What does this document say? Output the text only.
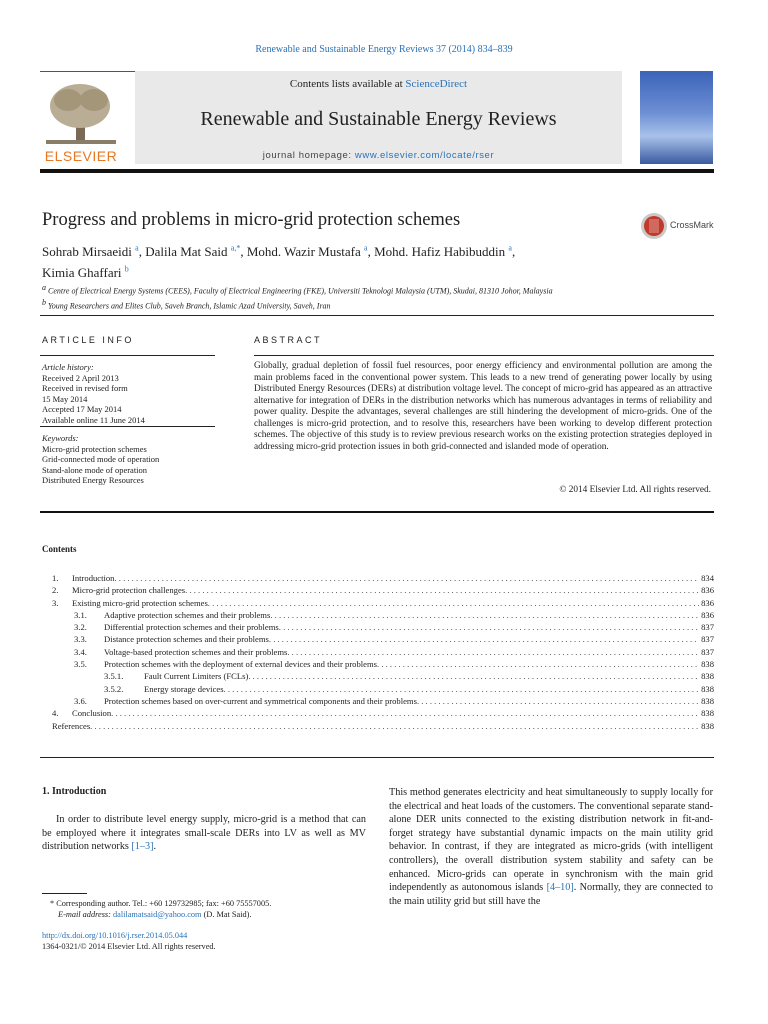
Renewable and Sustainable Energy Reviews 37 (2014) 834–839
ELSEVIER
Contents lists available at ScienceDirect
Renewable and Sustainable Energy Reviews
journal homepage: www.elsevier.com/locate/rser
Progress and problems in micro-grid protection schemes	CrossMark
Sohrab Mirsaeidi $^a$, Dalila Mat Said $^{a,*}$, Mohd. Wazir Mustafa $^a$, Mohd. Hafiz Habibuddin $^a$,
Kimia Ghaffari $^b$
$^a$ Centre of Electrical Energy Systems (CEES), Faculty of Electrical Engineering (FKE), Universiti Teknologi Malaysia (UTM), Skudai, 81310 Johor, Malaysia
$^b$ Young Researchers and Elites Club, Saveh Branch, Islamic Azad University, Saveh, Iran
ARTICLE INFO
Article history:
Received 2 April 2013
Received in revised form
15 May 2014
Accepted 17 May 2014
Available online 11 June 2014
Keywords:
Micro-grid protection schemes
Grid-connected mode of operation
Stand-alone mode of operation
Distributed Energy Resources
ABSTRACT
Globally, gradual depletion of fossil fuel resources, poor energy efficiency and environmental pollution are among the main problems faced in the conventional power system. This leads to a new trend of generating power locally by using Distributed Energy Resources (DERs) at distribution voltage level. The concept of micro-grid has appeared as an attractive alternative for integration of DERs in the distribution networks which has numerous advantages in terms of reliability and power quality. Despite the advantages, several challenges are still hindering the development of micro-grids. One of the challenges is micro-grid protection, and to resolve this, researchers have been working to develop different protection schemes. The objective of this study is to review previous research works on the existing protection strategies deployed in addressing micro-grid protection issues in both grid-connected and islanded mode of operation.
© 2014 Elsevier Ltd. All rights reserved.
Contents
1.	Introduction . . .	834
2.	Micro-grid protection challenges . . .	836
3.	Existing micro-grid protection schemes . . .	836
3.1.	Adaptive protection schemes and their problems . . .	836
3.2.	Differential protection schemes and their problems . . .	837
3.3.	Distance protection schemes and their problems . . .	837
3.4.	Voltage-based protection schemes and their problems . . .	837
3.5.	Protection schemes with the deployment of external devices and their problems . . .	838
3.5.1.	Fault Current Limiters (FCLs) . . .	838
3.5.2.	Energy storage devices . . .	838
3.6.	Protection schemes based on over-current and symmetrical components and their problems . . .	838
4.	Conclusion . . .	838
References . . .	838
1. Introduction
In order to distribute level energy supply, micro-grid is a method that can be employed where it integrates small-scale DERs into LV as well as MV distribution networks [1–3].
This method generates electricity and heat simultaneously to supply locally for the electrical and heat loads of the customers. The conventional separate stand-alone DER units connected to the existing distribution network in fit-and-forget strategy have substantial dynamic impacts on the main utility grid behavior. In contrast, if they are integrated as micro-grids (with intelligent controllers), the overall distribution system stability and safety can be enhanced. Micro-grids can operate in synchronism with the main grid independently as autonomous islands [4–10]. Normally, they are connected to the main utility grid but still have the
* Corresponding author. Tel.: +60 129732985; fax: +60 75557005.
E-mail address: dalilamatsaid@yahoo.com (D. Mat Said).
http://dx.doi.org/10.1016/j.rser.2014.05.044
1364-0321/© 2014 Elsevier Ltd. All rights reserved.
